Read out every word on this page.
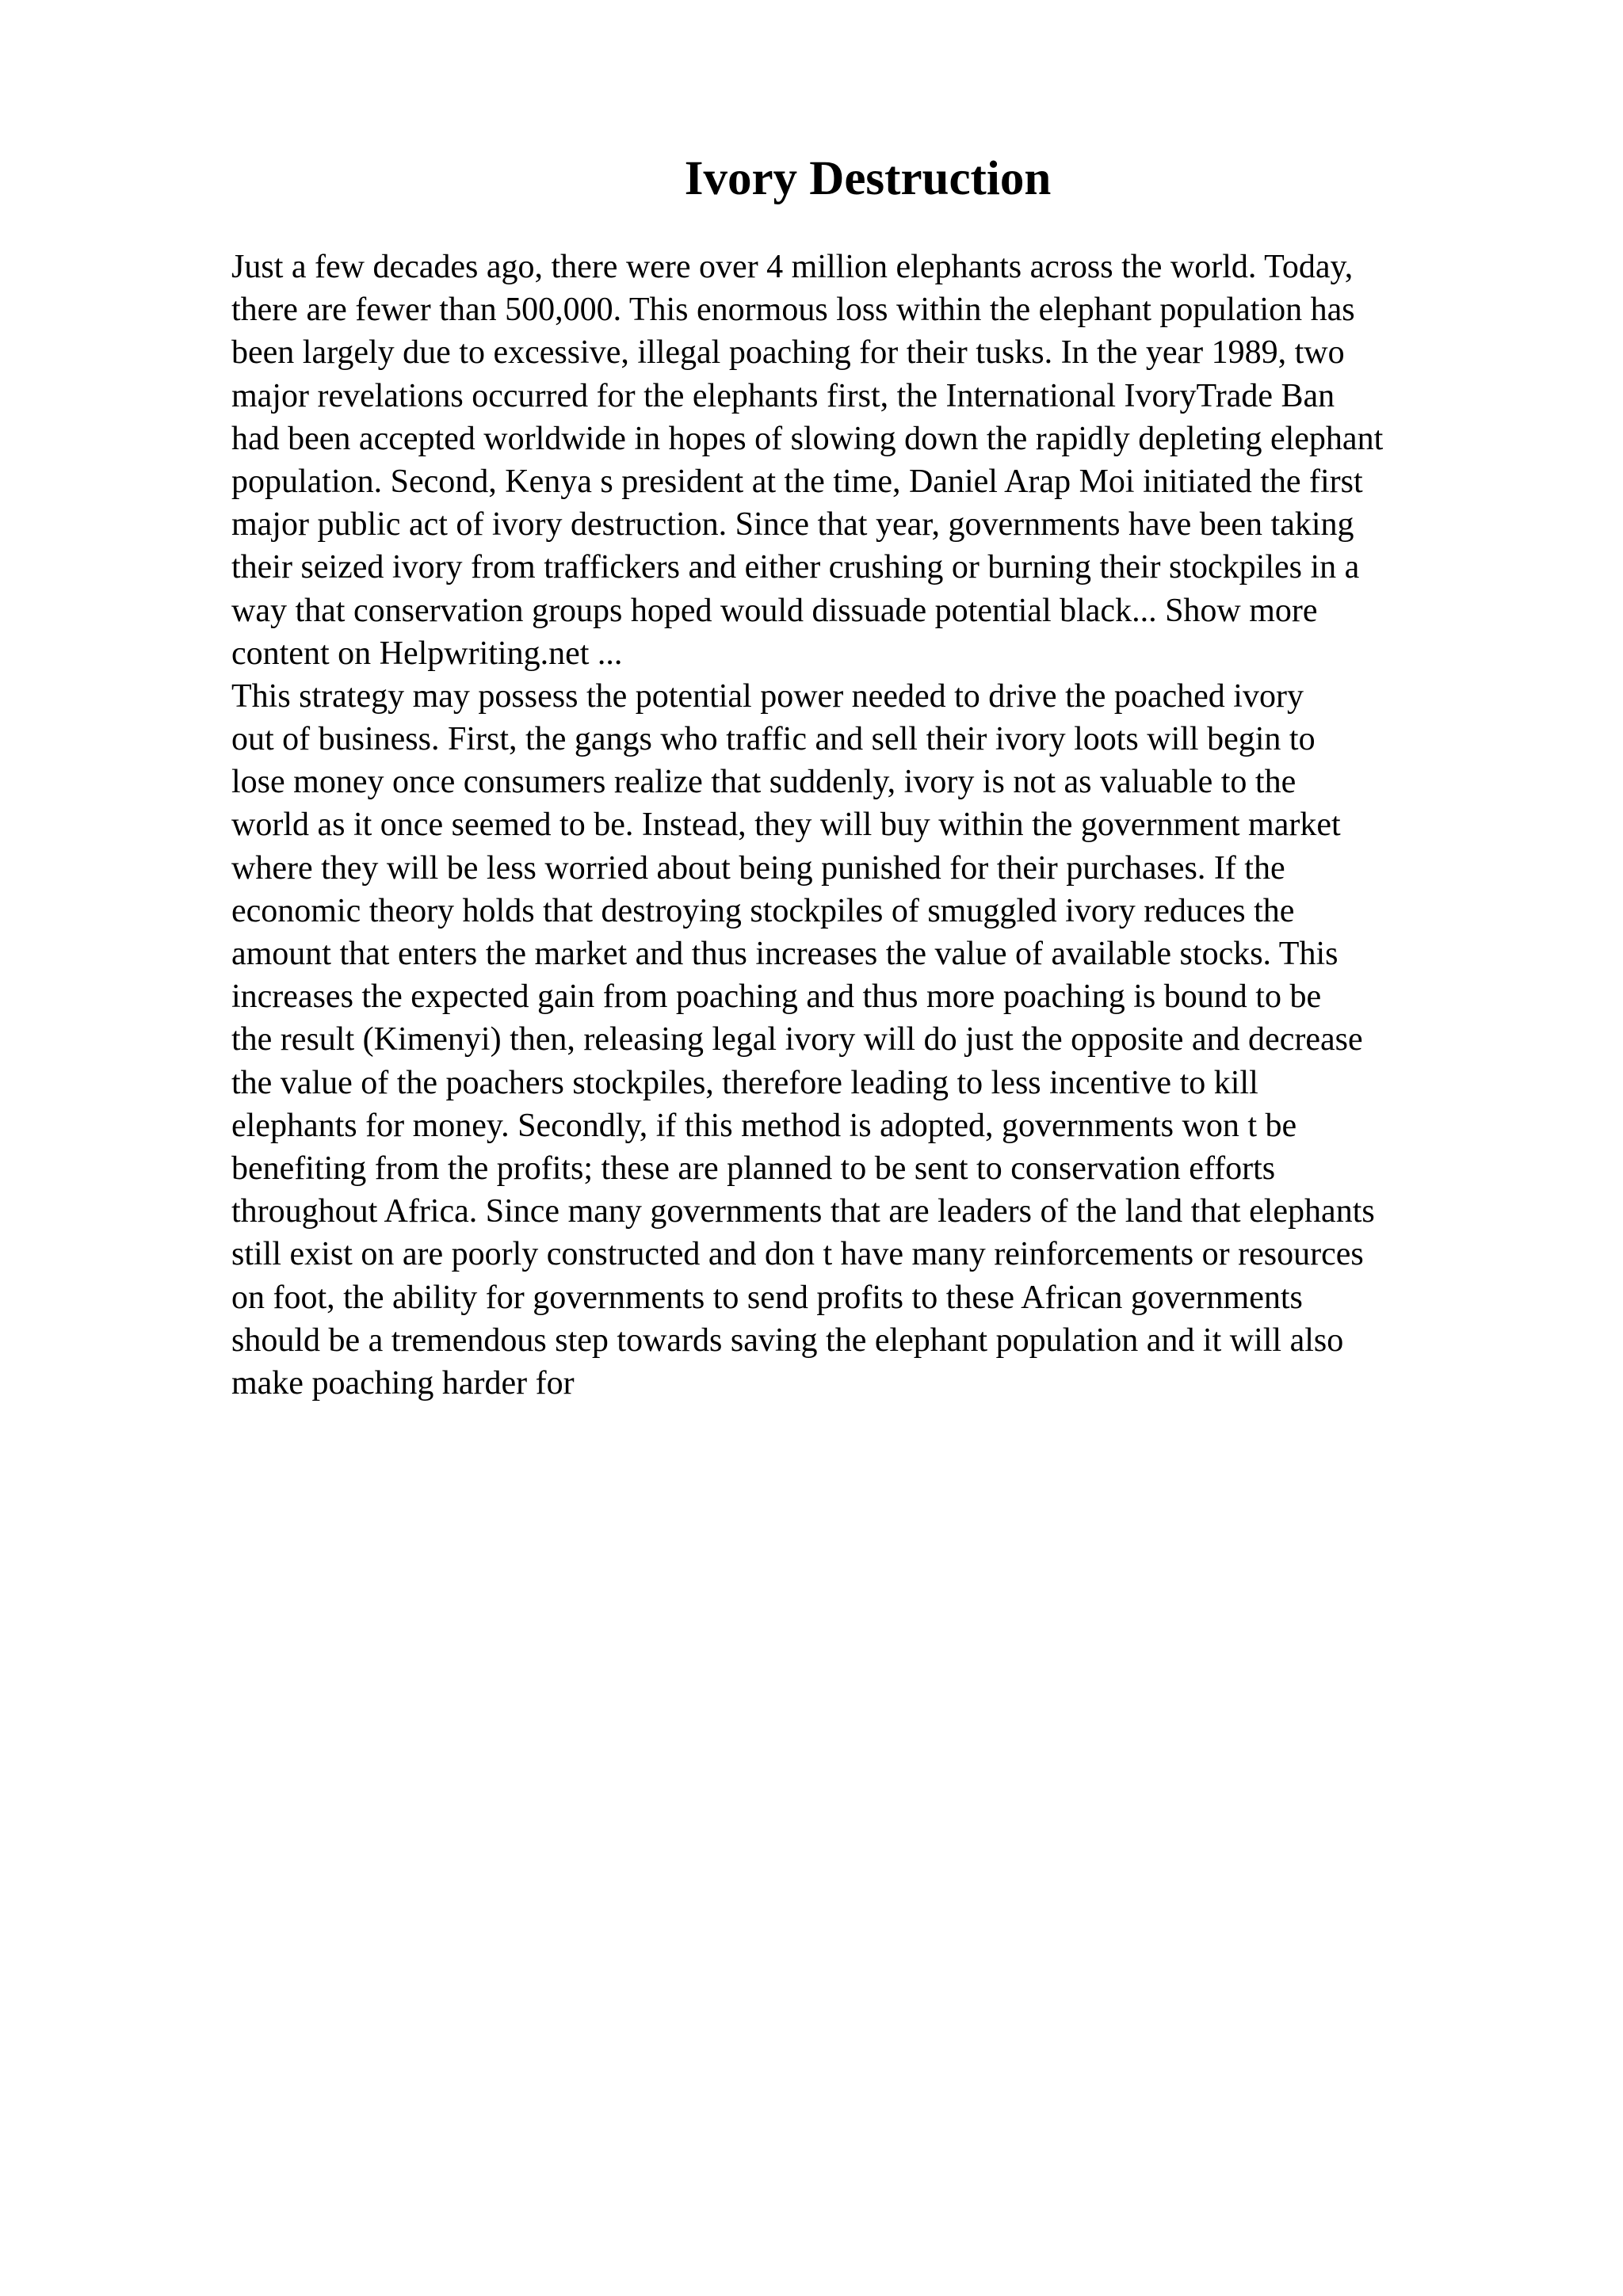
Ivory Destruction
Just a few decades ago, there were over 4 million elephants across the world. Today,
there are fewer than 500,000. This enormous loss within the elephant population has
been largely due to excessive, illegal poaching for their tusks. In the year 1989, two
major revelations occurred for the elephants first, the International IvoryTrade Ban
had been accepted worldwide in hopes of slowing down the rapidly depleting elephant
population. Second, Kenya s president at the time, Daniel Arap Moi initiated the first
major public act of ivory destruction. Since that year, governments have been taking
their seized ivory from traffickers and either crushing or burning their stockpiles in a
way that conservation groups hoped would dissuade potential black... Show more
content on Helpwriting.net ...
This strategy may possess the potential power needed to drive the poached ivory
out of business. First, the gangs who traffic and sell their ivory loots will begin to
lose money once consumers realize that suddenly, ivory is not as valuable to the
world as it once seemed to be. Instead, they will buy within the government market
where they will be less worried about being punished for their purchases. If the
economic theory holds that destroying stockpiles of smuggled ivory reduces the
amount that enters the market and thus increases the value of available stocks. This
increases the expected gain from poaching and thus more poaching is bound to be
the result (Kimenyi) then, releasing legal ivory will do just the opposite and decrease
the value of the poachers stockpiles, therefore leading to less incentive to kill
elephants for money. Secondly, if this method is adopted, governments won t be
benefiting from the profits; these are planned to be sent to conservation efforts
throughout Africa. Since many governments that are leaders of the land that elephants
still exist on are poorly constructed and don t have many reinforcements or resources
on foot, the ability for governments to send profits to these African governments
should be a tremendous step towards saving the elephant population and it will also
make poaching harder for
